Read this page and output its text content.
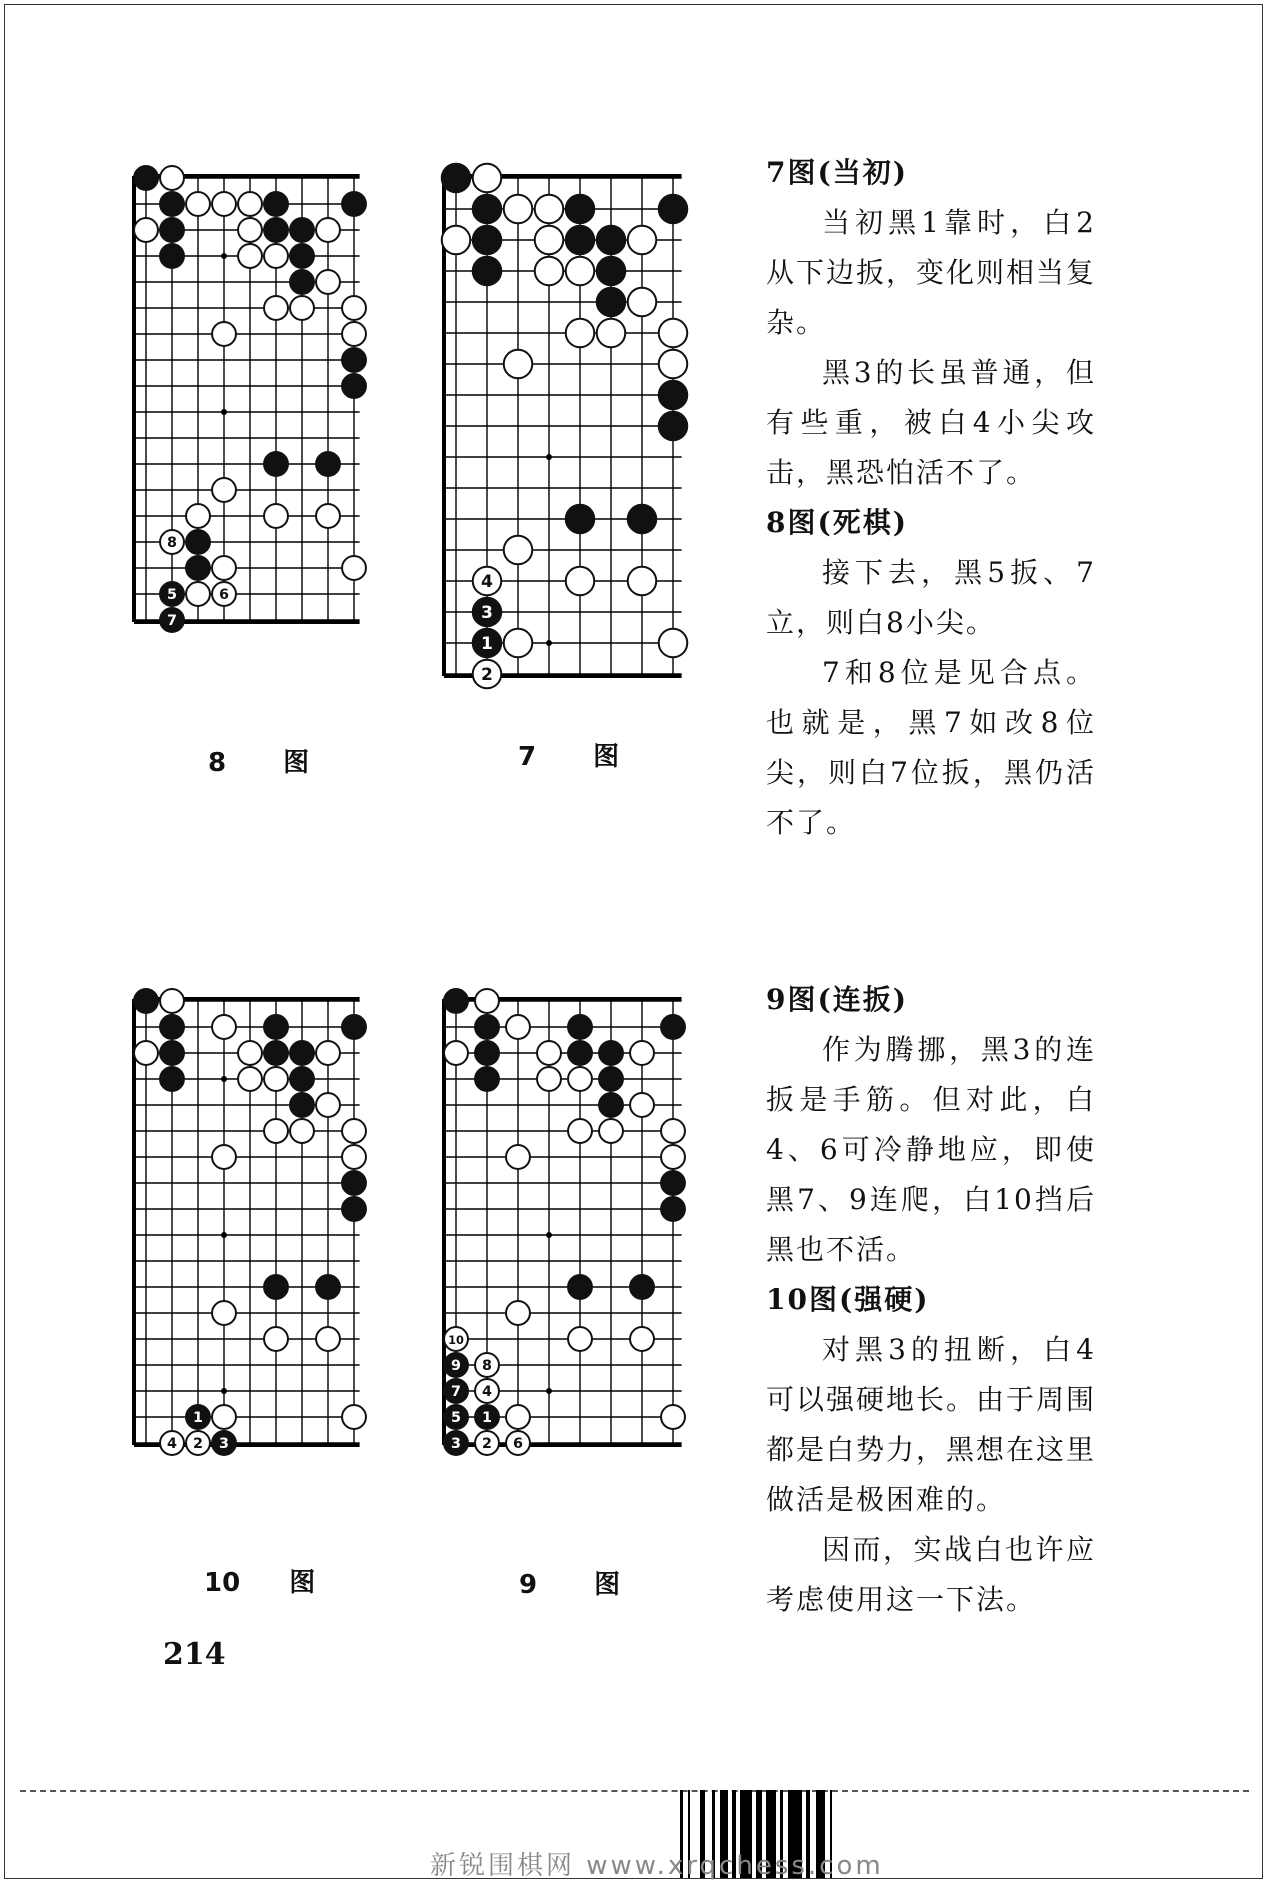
8
5	6
7
8 图
4
3
1
2
7 图

7图(当初)

当初黑1靠时，白2从下边扳，变化则相当复杂。

黑3的长虽普通，但有些重，被白4小尖攻击，黑恐怕活不了。

8图(死棋)

接下去，黑5扳、7立，则白8小尖。

7和8位是见合点。也就是，黑7如改8位尖，则白7位扳，黑仍活不了。

1
4 2 3
10 图
10
9 8
7 4
5 1
3 2 6
9 图

9图(连扳)

作为腾挪，黑3的连扳是手筋。但对此，白4、6可冷静地应，即使黑7、9连爬，白10挡后黑也不活。

10图(强硬)

对黑3的扭断，白4可以强硬地长。由于周围都是白势力，黑想在这里做活是极困难的。

因而，实战白也许应考虑使用这一下法。

214
新锐围棋网 www.xrqchess.com
